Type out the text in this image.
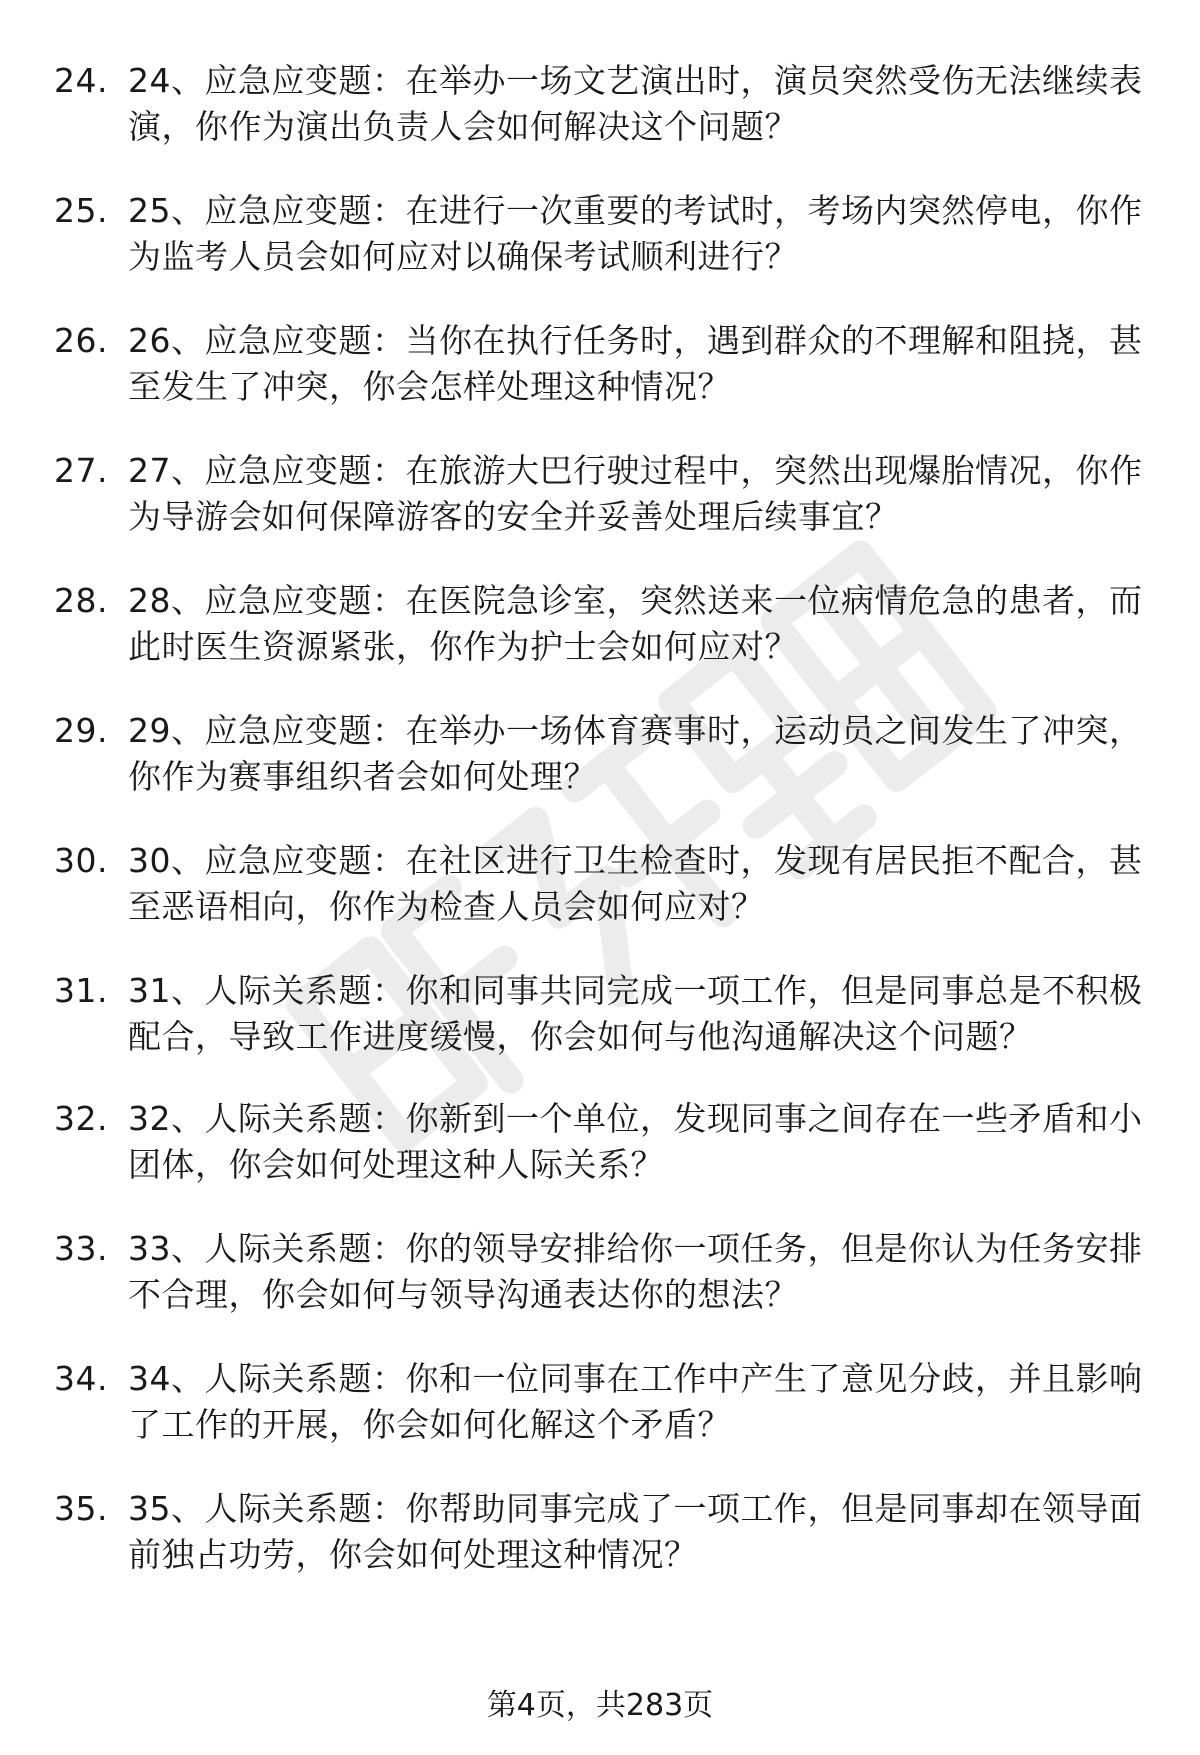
24. 24、应急应变题：在举办一场文艺演出时，演员突然受伤无法继续表演，你作为演出负责人会如何解决这个问题？
25. 25、应急应变题：在进行一次重要的考试时，考场内突然停电，你作为监考人员会如何应对以确保考试顺利进行？
26. 26、应急应变题：当你在执行任务时，遇到群众的不理解和阻挠，甚至发生了冲突，你会怎样处理这种情况？
27. 27、应急应变题：在旅游大巴行驶过程中，突然出现爆胎情况，你作为导游会如何保障游客的安全并妥善处理后续事宜？
28. 28、应急应变题：在医院急诊室，突然送来一位病情危急的患者，而此时医生资源紧张，你作为护士会如何应对？
29. 29、应急应变题：在举办一场体育赛事时，运动员之间发生了冲突，你作为赛事组织者会如何处理？
30. 30、应急应变题：在社区进行卫生检查时，发现有居民拒不配合，甚至恶语相向，你作为检查人员会如何应对？
31. 31、人际关系题：你和同事共同完成一项工作，但是同事总是不积极配合，导致工作进度缓慢，你会如何与他沟通解决这个问题？
32. 32、人际关系题：你新到一个单位，发现同事之间存在一些矛盾和小团体，你会如何处理这种人际关系？
33. 33、人际关系题：你的领导安排给你一项任务，但是你认为任务安排不合理，你会如何与领导沟通表达你的想法？
34. 34、人际关系题：你和一位同事在工作中产生了意见分歧，并且影响了工作的开展，你会如何化解这个矛盾？
35. 35、人际关系题：你帮助同事完成了一项工作，但是同事却在领导面前独占功劳，你会如何处理这种情况？
第4页，共283页
